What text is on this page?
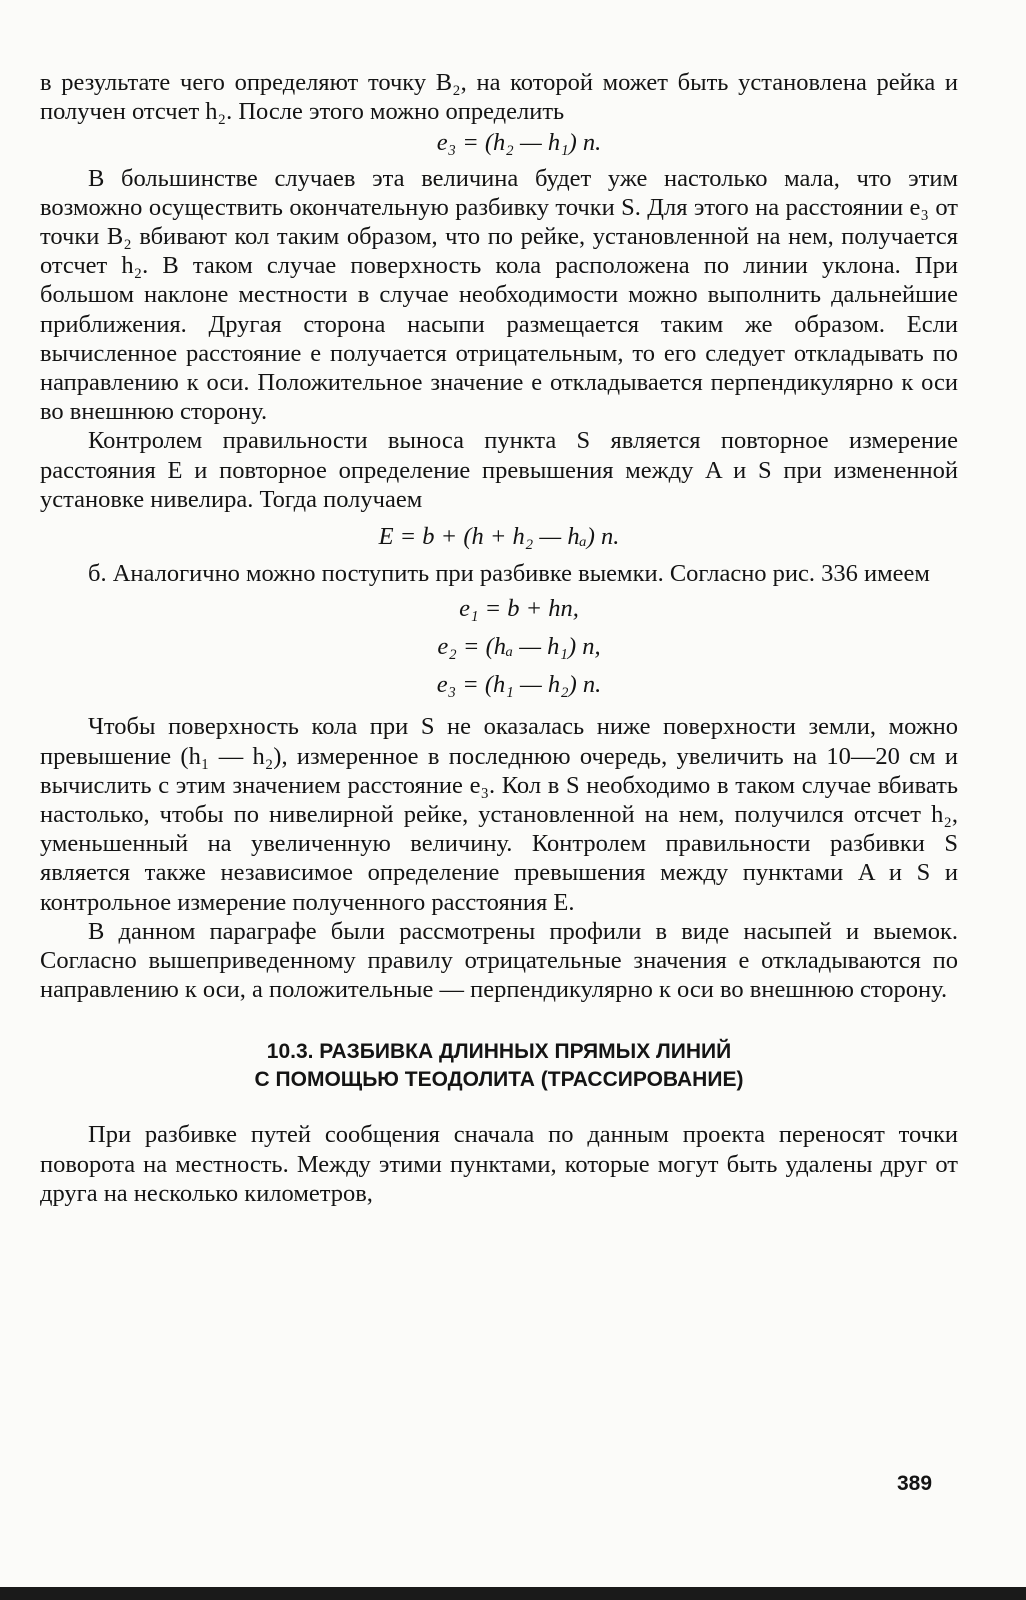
в результате чего определяют точку B₂, на которой может быть установлена рейка и получен отсчет h₂. После этого можно определить

e₃ = (h₂ — h₁) n.

В большинстве случаев эта величина будет уже настолько мала, что этим возможно осуществить окончательную разбивку точки S. Для этого на расстоянии e₃ от точки B₂ вбивают кол таким образом, что по рейке, установленной на нем, получается отсчет h₂. В таком случае поверхность кола расположена по линии уклона. При большом наклоне местности в случае необходимости можно выполнить дальнейшие приближения. Другая сторона насыпи размещается таким же образом. Если вычисленное расстояние e получается отрицательным, то его следует откладывать по направлению к оси. Положительное значение e откладывается перпендикулярно к оси во внешнюю сторону.

Контролем правильности выноса пункта S является повторное измерение расстояния E и повторное определение превышения между A и S при измененной установке нивелира. Тогда получаем

E = b + (h + h₂ — hₐ) n.

б. Аналогично можно поступить при разбивке выемки. Согласно рис. 336 имеем

e₁ = b + hn,
e₂ = (hₐ — h₁) n,
e₃ = (h₁ — h₂) n.

Чтобы поверхность кола при S не оказалась ниже поверхности земли, можно превышение (h₁ — h₂), измеренное в последнюю очередь, увеличить на 10—20 см и вычислить с этим значением расстояние e₃. Кол в S необходимо в таком случае вбивать настолько, чтобы по нивелирной рейке, установленной на нем, получился отсчет h₂, уменьшенный на увеличенную величину. Контролем правильности разбивки S является также независимое определение превышения между пунктами A и S и контрольное измерение полученного расстояния E.

В данном параграфе были рассмотрены профили в виде насыпей и выемок. Согласно вышеприведенному правилу отрицательные значения e откладываются по направлению к оси, а положительные — перпендикулярно к оси во внешнюю сторону.

10.3. РАЗБИВКА ДЛИННЫХ ПРЯМЫХ ЛИНИЙ
С ПОМОЩЬЮ ТЕОДОЛИТА (ТРАССИРОВАНИЕ)

При разбивке путей сообщения сначала по данным проекта переносят точки поворота на местность. Между этими пунктами, которые могут быть удалены друг от друга на несколько километров,

389
